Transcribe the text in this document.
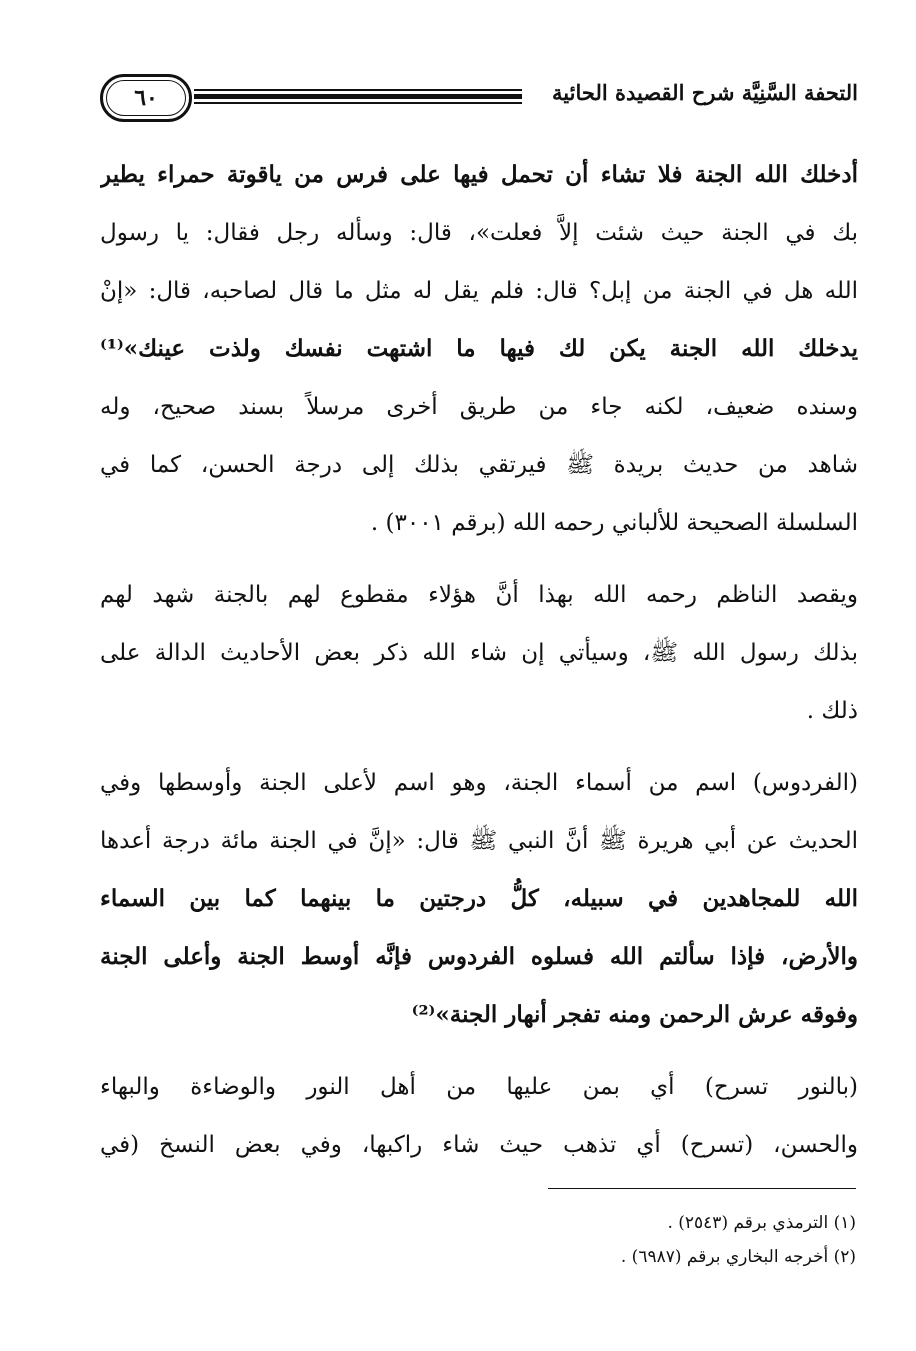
٦٠	التحفة السَّنِيَّة شرح القصيدة الحائية
أدخلك الله الجنة فلا تشاء أن تحمل فيها على فرس من ياقوتة حمراء يطير
بك في الجنة حيث شئت إلاَّ فعلت»، قال: وسأله رجل فقال: يا رسول
الله هل في الجنة من إبل؟ قال: فلم يقل له مثل ما قال لصاحبه، قال: «إنْ
يدخلك الله الجنة يكن لك فيها ما اشتهت نفسك ولذت عينك»⁽¹⁾
وسنده ضعيف، لكنه جاء من طريق أخرى مرسلاً بسند صحيح، وله
شاهد من حديث بريدة ﷺ فيرتقي بذلك إلى درجة الحسن، كما في
السلسلة الصحيحة للألباني رحمه الله (برقم ٣٠٠١) .
ويقصد الناظم رحمه الله بهذا أنَّ هؤلاء مقطوع لهم بالجنة شهد لهم
بذلك رسول الله ﷺ، وسيأتي إن شاء الله ذكر بعض الأحاديث الدالة على
ذلك .
(الفردوس) اسم من أسماء الجنة، وهو اسم لأعلى الجنة وأوسطها وفي
الحديث عن أبي هريرة ﷺ أنَّ النبي ﷺ قال: «إنَّ في الجنة مائة درجة أعدها
الله للمجاهدين في سبيله، كلُّ درجتين ما بينهما كما بين السماء
والأرض، فإذا سألتم الله فسلوه الفردوس فإنَّه أوسط الجنة وأعلى الجنة
وفوقه عرش الرحمن ومنه تفجر أنهار الجنة»⁽²⁾
(بالنور تسرح) أي بمن عليها من أهل النور والوضاءة والبهاء
والحسن، (تسرح) أي تذهب حيث شاء راكبها، وفي بعض النسخ (في
(١) الترمذي برقم (٢٥٤٣) .
(٢) أخرجه البخاري برقم (٦٩٨٧) .
